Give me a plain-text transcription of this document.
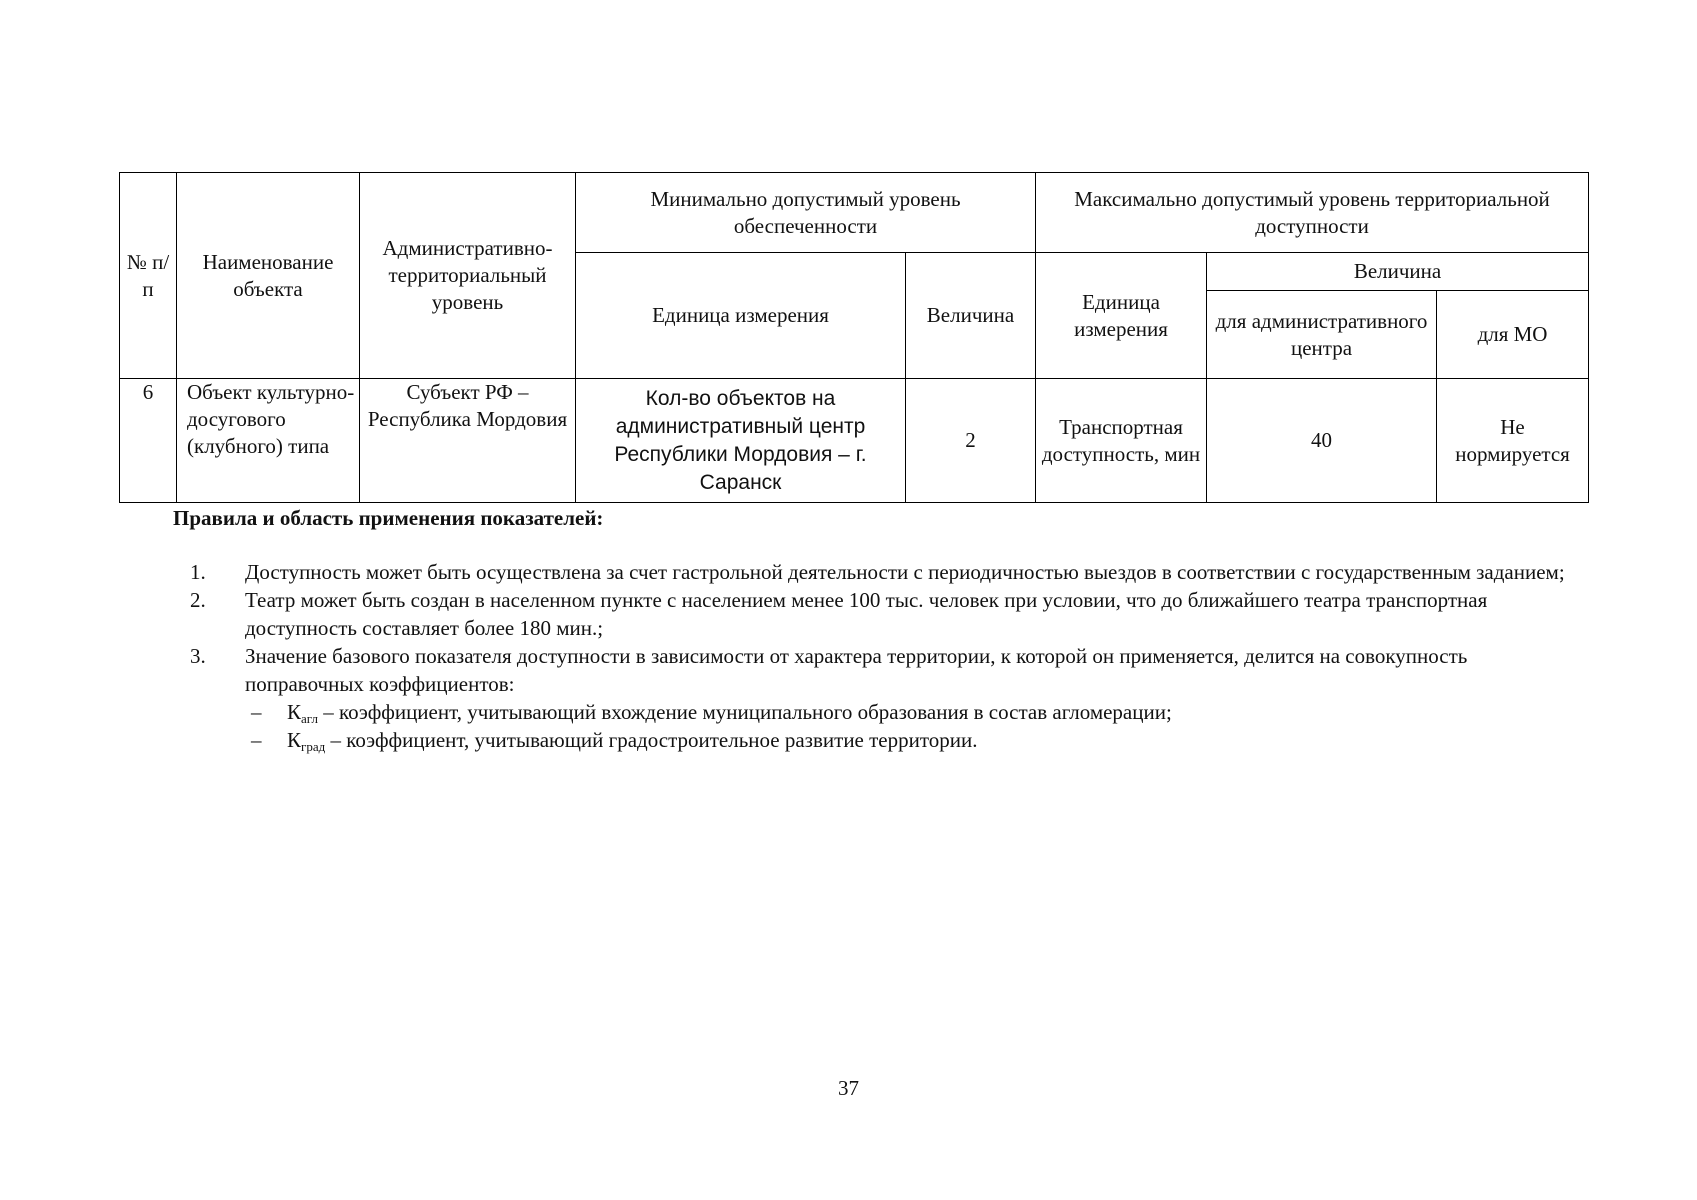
№ п/п	Наименование объекта	Административно-территориальный уровень	Минимально допустимый уровень обеспеченности		Максимально допустимый уровень территориальной доступности		
			Единица измерения	Величина	Единица измерения	Величина	
						для административного центра	для МО
6	Объект культурно-досугового (клубного) типа	Субъект РФ – Республика Мордовия	Кол-во объектов на административный центр Республики Мордовия – г. Саранск	2	Транспортная доступность, мин	40	Не нормируется
Правила и область применения показателей:
1. Доступность может быть осуществлена за счет гастрольной деятельности с периодичностью выездов в соответствии с государственным заданием;
2. Театр может быть создан в населенном пункте с населением менее 100 тыс. человек при условии, что до ближайшего театра транспортная доступность составляет более 180 мин.;
3. Значение базового показателя доступности в зависимости от характера территории, к которой он применяется, делится на совокупность поправочных коэффициентов:
– $К_{агл}$ – коэффициент, учитывающий вхождение муниципального образования в состав агломерации;
– $К_{град}$ – коэффициент, учитывающий градостроительное развитие территории.
37
